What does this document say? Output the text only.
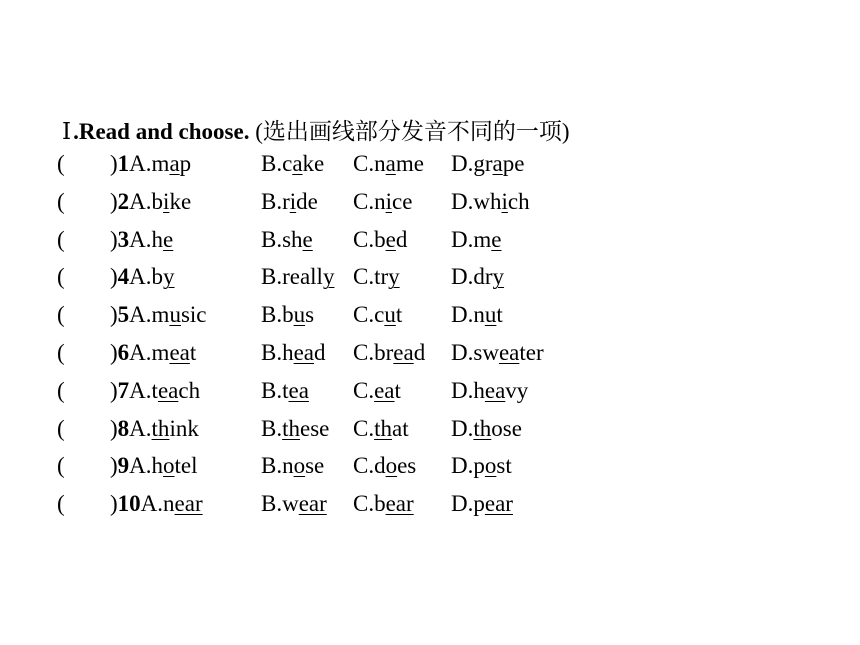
Ⅰ.Read and choose. (选出画线部分发音不同的一项)
( )1A.map	B.cake C.name D.grape
( )2A.bike	B.ride C.nice D.which
( )3A.he	B.she C.bed D.me
( )4A.by	B.really C.try D.dry
( )5A.music B.bus C.cut D.nut
( )6A.meat	B.head C.bread D.sweater
( )7A.teach	B.tea C.eat D.heavy
( )8A.think	B.these C.that D.those
( )9A.hotel	B.nose C.does D.post
( )10A.near	B.wear C.bear D.pear
